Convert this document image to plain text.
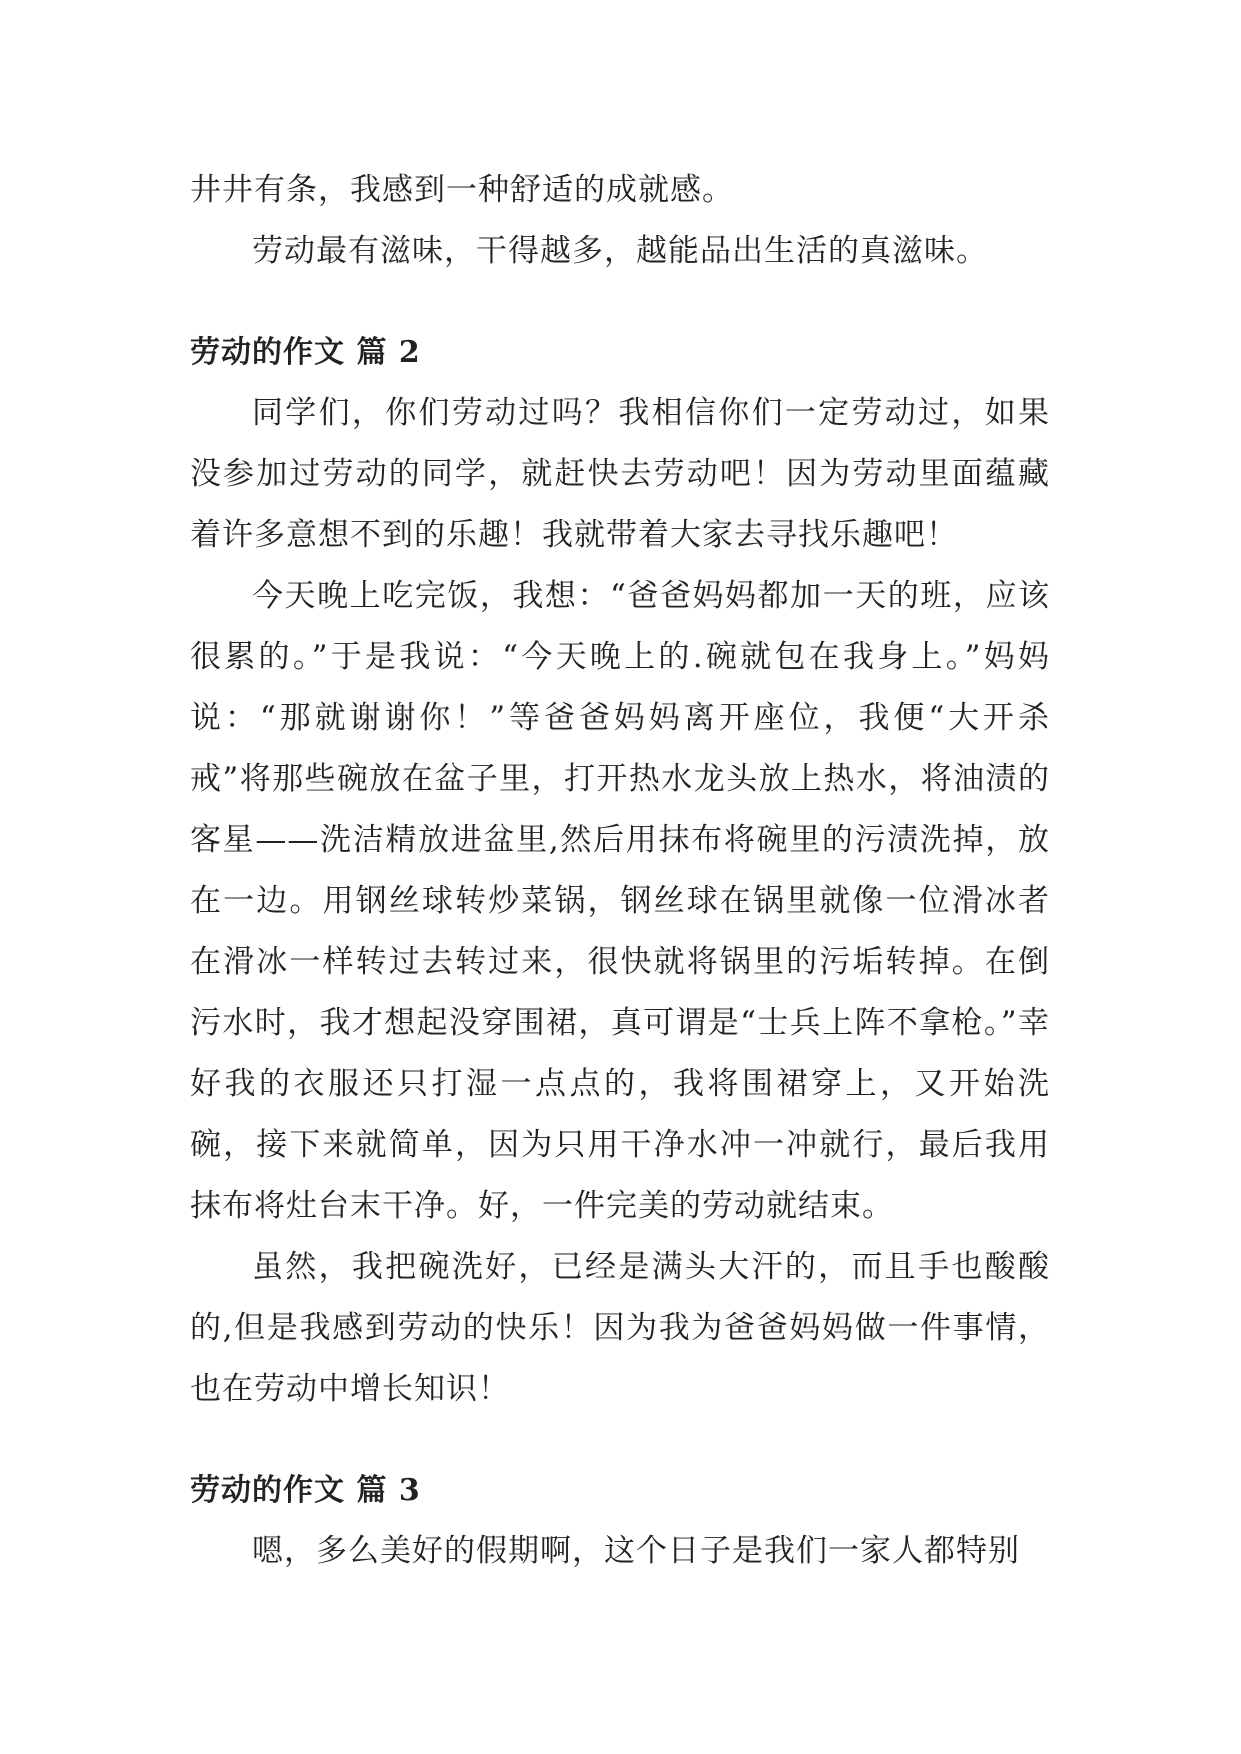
井井有条，我感到一种舒适的成就感。

劳动最有滋味，干得越多，越能品出生活的真滋味。

劳动的作文 篇 2

同学们，你们劳动过吗？我相信你们一定劳动过，如果没参加过劳动的同学，就赶快去劳动吧！因为劳动里面蕴藏着许多意想不到的乐趣！我就带着大家去寻找乐趣吧！

今天晚上吃完饭，我想：“爸爸妈妈都加一天的班，应该很累的。”于是我说：“今天晚上的.碗就包在我身上。”妈妈说：“那就谢谢你！”等爸爸妈妈离开座位，我便“大开杀戒”将那些碗放在盆子里，打开热水龙头放上热水，将油渍的客星——洗洁精放进盆里,然后用抹布将碗里的污渍洗掉，放在一边。用钢丝球转炒菜锅，钢丝球在锅里就像一位滑冰者在滑冰一样转过去转过来，很快就将锅里的污垢转掉。在倒污水时，我才想起没穿围裙，真可谓是“士兵上阵不拿枪。”幸好我的衣服还只打湿一点点的，我将围裙穿上，又开始洗碗，接下来就简单，因为只用干净水冲一冲就行，最后我用抹布将灶台末干净。好，一件完美的劳动就结束。

虽然，我把碗洗好，已经是满头大汗的，而且手也酸酸的,但是我感到劳动的快乐！因为我为爸爸妈妈做一件事情，也在劳动中增长知识！

劳动的作文 篇 3

嗯，多么美好的假期啊，这个日子是我们一家人都特别
